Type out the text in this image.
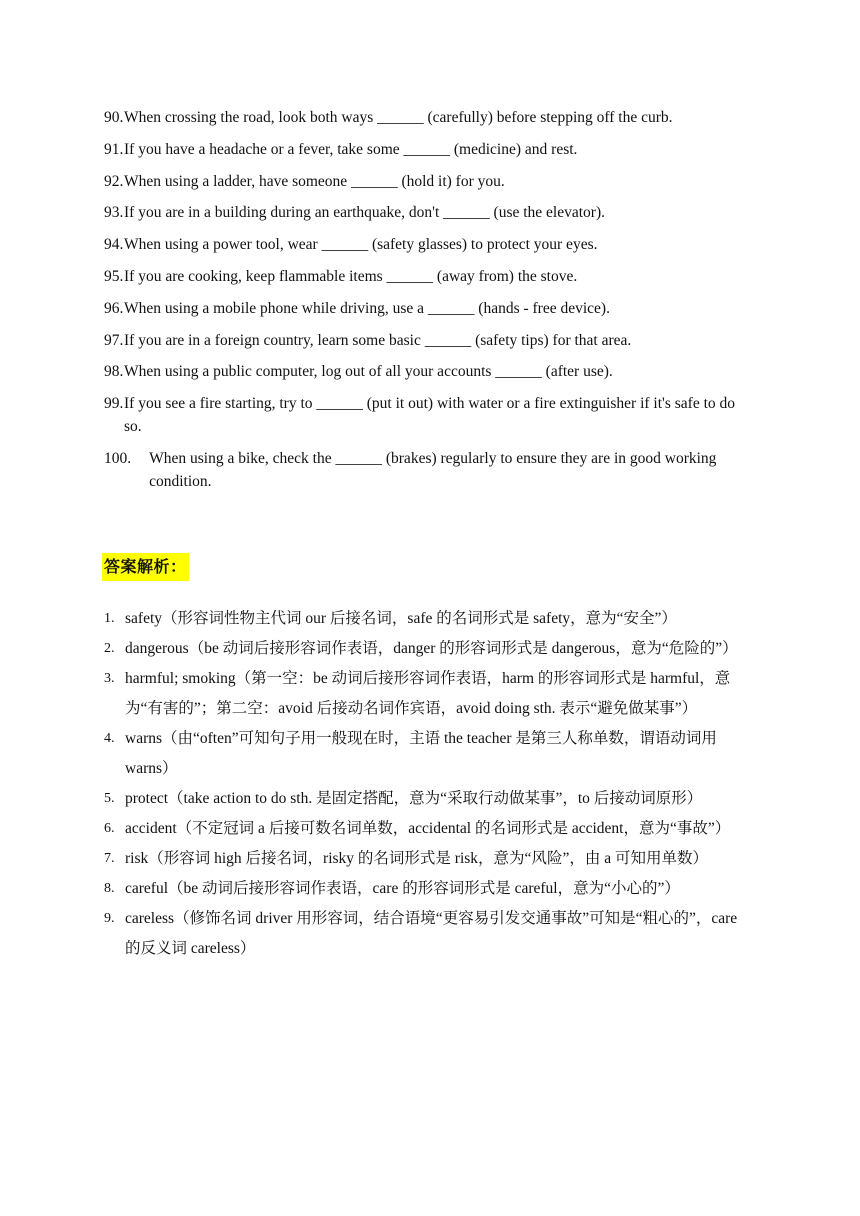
90. When crossing the road, look both ways ______ (carefully) before stepping off the curb.
91. If you have a headache or a fever, take some ______ (medicine) and rest.
92. When using a ladder, have someone ______ (hold it) for you.
93. If you are in a building during an earthquake, don't ______ (use the elevator).
94. When using a power tool, wear ______ (safety glasses) to protect your eyes.
95. If you are cooking, keep flammable items ______ (away from) the stove.
96. When using a mobile phone while driving, use a ______ (hands - free device).
97. If you are in a foreign country, learn some basic ______ (safety tips) for that area.
98. When using a public computer, log out of all your accounts ______ (after use).
99. If you see a fire starting, try to ______ (put it out) with water or a fire extinguisher if it's safe to do so.
100.	When using a bike, check the ______ (brakes) regularly to ensure they are in good working condition.
答案解析：
1. safety（形容词性物主代词 our 后接名词，safe 的名词形式是 safety，意为“安全”）
2. dangerous（be 动词后接形容词作表语，danger 的形容词形式是 dangerous，意为“危险的”）
3. harmful; smoking（第一空：be 动词后接形容词作表语，harm 的形容词形式是 harmful，意为“有害的”；第二空：avoid 后接动名词作宾语，avoid doing sth. 表示“避免做某事”）
4. warns（由“often”可知句子用一般现在时，主语 the teacher 是第三人称单数，谓语动词用 warns）
5. protect（take action to do sth. 是固定搭配，意为“采取行动做某事”，to 后接动词原形）
6. accident（不定冠词 a 后接可数名词单数，accidental 的名词形式是 accident，意为“事故”）
7. risk（形容词 high 后接名词，risky 的名词形式是 risk，意为“风险”，由 a 可知用单数）
8. careful（be 动词后接形容词作表语，care 的形容词形式是 careful，意为“小心的”）
9. careless（修饰名词 driver 用形容词，结合语境“更容易引发交通事故”可知是“粗心的”，care 的反义词 careless）
